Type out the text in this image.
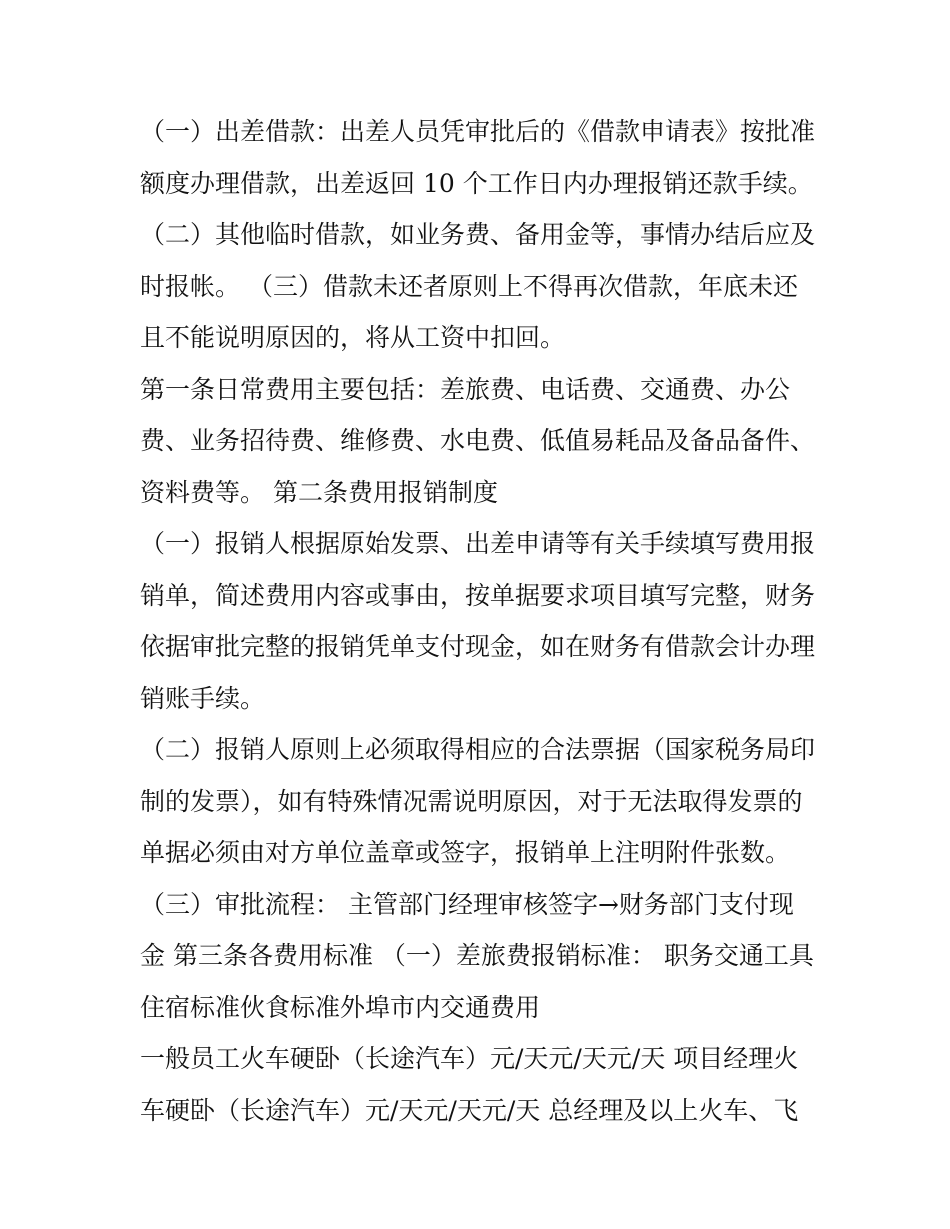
（一）出差借款：出差人员凭审批后的《借款申请表》按批准
额度办理借款，出差返回 10 个工作日内办理报销还款手续。
（二）其他临时借款，如业务费、备用金等，事情办结后应及
时报帐。 （三）借款未还者原则上不得再次借款，年底未还
且不能说明原因的，将从工资中扣回。
第一条日常费用主要包括：差旅费、电话费、交通费、办公
费、业务招待费、维修费、水电费、低值易耗品及备品备件、
资料费等。 第二条费用报销制度
（一）报销人根据原始发票、出差申请等有关手续填写费用报
销单，简述费用内容或事由，按单据要求项目填写完整，财务
依据审批完整的报销凭单支付现金，如在财务有借款会计办理
销账手续。
（二）报销人原则上必须取得相应的合法票据（国家税务局印
制的发票），如有特殊情况需说明原因，对于无法取得发票的
单据必须由对方单位盖章或签字，报销单上注明附件张数。
（三）审批流程： 主管部门经理审核签字→财务部门支付现
金 第三条各费用标准 （一）差旅费报销标准： 职务交通工具
住宿标准伙食标准外埠市内交通费用
一般员工火车硬卧（长途汽车）元/天元/天元/天 项目经理火
车硬卧（长途汽车）元/天元/天元/天 总经理及以上火车、飞
